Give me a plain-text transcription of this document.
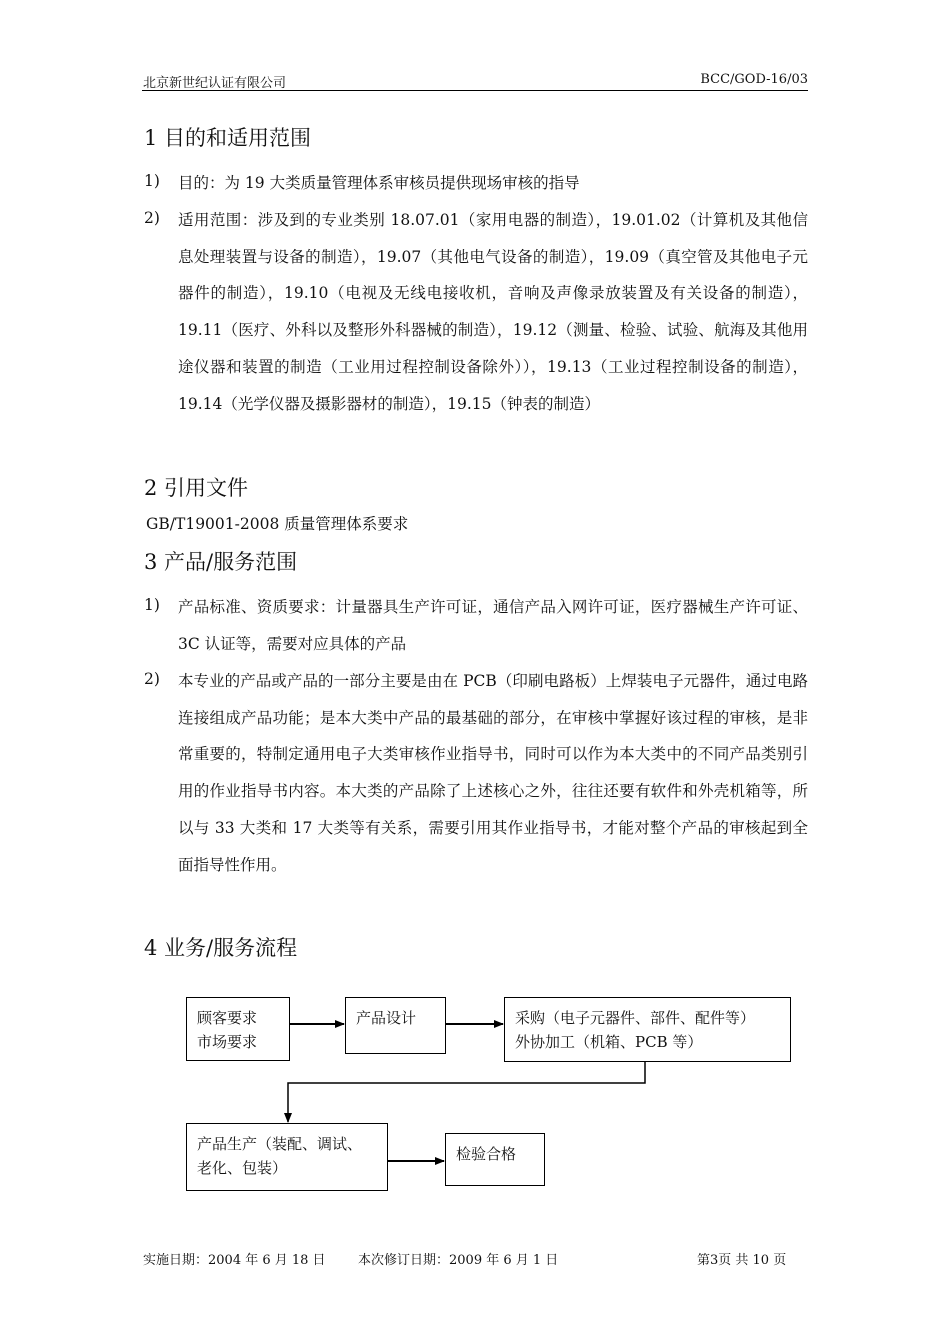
北京新世纪认证有限公司	BCC/GOD-16/03
1 目的和适用范围
1) 目的：为 19 大类质量管理体系审核员提供现场审核的指导
2) 适用范围：涉及到的专业类别 18.07.01（家用电器的制造），19.01.02（计算机及其他信息处理装置与设备的制造），19.07（其他电气设备的制造），19.09（真空管及其他电子元器件的制造），19.10（电视及无线电接收机，音响及声像录放装置及有关设备的制造），19.11（医疗、外科以及整形外科器械的制造），19.12（测量、检验、试验、航海及其他用途仪器和装置的制造（工业用过程控制设备除外）），19.13（工业过程控制设备的制造），19.14（光学仪器及摄影器材的制造），19.15（钟表的制造）
2 引用文件
GB/T19001-2008 质量管理体系要求
3 产品/服务范围
1) 产品标准、资质要求：计量器具生产许可证，通信产品入网许可证，医疗器械生产许可证、3C 认证等，需要对应具体的产品
2) 本专业的产品或产品的一部分主要是由在 PCB（印刷电路板）上焊装电子元器件，通过电路连接组成产品功能；是本大类中产品的最基础的部分，在审核中掌握好该过程的审核，是非常重要的，特制定通用电子大类审核作业指导书，同时可以作为本大类中的不同产品类别引用的作业指导书内容。本大类的产品除了上述核心之外，往往还要有软件和外壳机箱等，所以与 33 大类和 17 大类等有关系，需要引用其作业指导书，才能对整个产品的审核起到全面指导性作用。
4 业务/服务流程
顾客要求
市场要求
产品设计	采购（电子元器件、部件、配件等）
外协加工（机箱、PCB 等）
产品生产（装配、调试、
老化、包装）
检验合格
实施日期：2004 年 6 月 18 日 本次修订日期：2009 年 6 月 1 日	第3页 共 10 页
